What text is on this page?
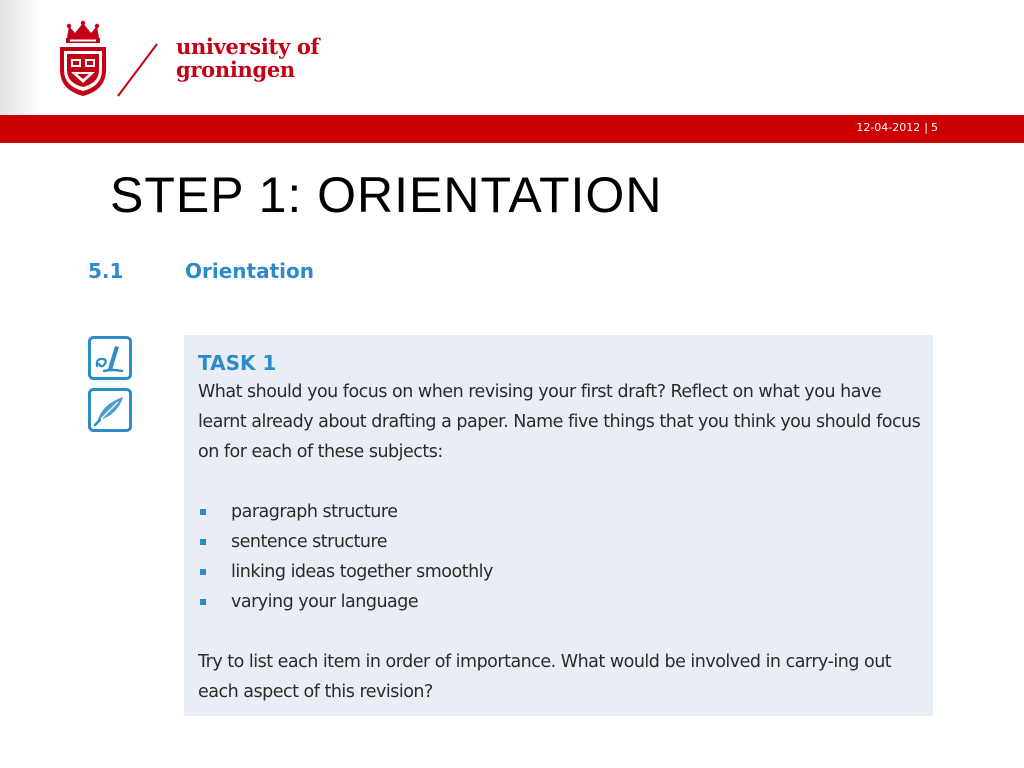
university of
groningen
12-04-2012 | 5
STEP 1: ORIENTATION
5.1	Orientation
TASK 1

What should you focus on when revising your first draft? Reflect on what you have learnt already about drafting a paper. Name five things that you think you should focus on for each of these subjects:

paragraph structure
sentence structure
linking ideas together smoothly
varying your language

Try to list each item in order of importance. What would be involved in carry-ing out each aspect of this revision?
